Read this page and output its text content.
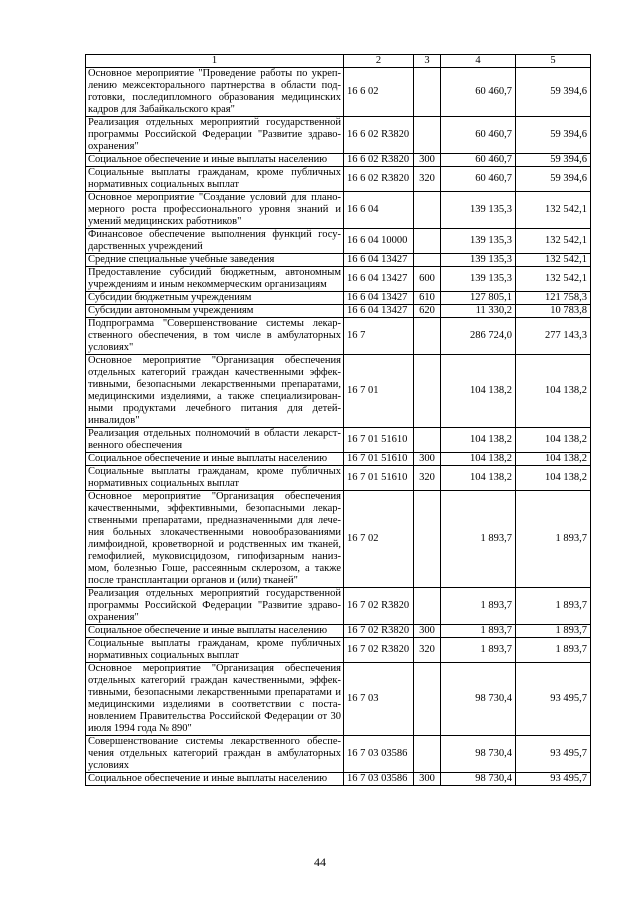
1	2	3	4	5
Основное мероприятие "Проведение работы по укреп-лению межсекторального партнерства в области под-готовки, последипломного образования медицинских кадров для Забайкальского края"	16 6 02		60 460,7	59 394,6
Реализация отдельных мероприятий государственной программы Российской Федерации "Развитие здраво-охранения"	16 6 02 R3820		60 460,7	59 394,6
Социальное обеспечение и иные выплаты населению	16 6 02 R3820	300	60 460,7	59 394,6
Социальные выплаты гражданам, кроме публичных нормативных социальных выплат	16 6 02 R3820	320	60 460,7	59 394,6
Основное мероприятие "Создание условий для плано-мерного роста профессионального уровня знаний и умений медицинских работников"	16 6 04		139 135,3	132 542,1
Финансовое обеспечение выполнения функций госу-дарственных учреждений	16 6 04 10000		139 135,3	132 542,1
Средние специальные учебные заведения	16 6 04 13427		139 135,3	132 542,1
Предоставление субсидий бюджетным, автономным учреждениям и иным некоммерческим организациям	16 6 04 13427	600	139 135,3	132 542,1
Субсидии бюджетным учреждениям	16 6 04 13427	610	127 805,1	121 758,3
Субсидии автономным учреждениям	16 6 04 13427	620	11 330,2	10 783,8
Подпрограмма "Совершенствование системы лекар-ственного обеспечения, в том числе в амбулаторных условиях"	16 7		286 724,0	277 143,3
Основное мероприятие "Организация обеспечения отдельных категорий граждан качественными эффек-тивными, безопасными лекарственными препаратами, медицинскими изделиями, а также специализирован-ными продуктами лечебного питания для детей-инвалидов"	16 7 01		104 138,2	104 138,2
Реализация отдельных полномочий в области лекарст-венного обеспечения	16 7 01 51610		104 138,2	104 138,2
Социальное обеспечение и иные выплаты населению	16 7 01 51610	300	104 138,2	104 138,2
Социальные выплаты гражданам, кроме публичных нормативных социальных выплат	16 7 01 51610	320	104 138,2	104 138,2
Основное мероприятие "Организация обеспечения качественными, эффективными, безопасными лекар-ственными препаратами, предназначенными для лече-ния больных злокачественными новообразованиями лимфоидной, кроветворной и родственных им тканей, гемофилией, муковисцидозом, гипофизарным наниз-мом, болезнью Гоше, рассеянным склерозом, а также после трансплантации органов и (или) тканей"	16 7 02		1 893,7	1 893,7
Реализация отдельных мероприятий государственной программы Российской Федерации "Развитие здраво-охранения"	16 7 02 R3820		1 893,7	1 893,7
Социальное обеспечение и иные выплаты населению	16 7 02 R3820	300	1 893,7	1 893,7
Социальные выплаты гражданам, кроме публичных нормативных социальных выплат	16 7 02 R3820	320	1 893,7	1 893,7
Основное мероприятие "Организация обеспечения отдельных категорий граждан качественными, эффек-тивными, безопасными лекарственными препаратами и медицинскими изделиями в соответствии с поста-новлением Правительства Российской Федерации от 30 июля 1994 года № 890"	16 7 03		98 730,4	93 495,7
Совершенствование системы лекарственного обеспе-чения отдельных категорий граждан в амбулаторных условиях	16 7 03 03586		98 730,4	93 495,7
Социальное обеспечение и иные выплаты населению	16 7 03 03586	300	98 730,4	93 495,7
44
